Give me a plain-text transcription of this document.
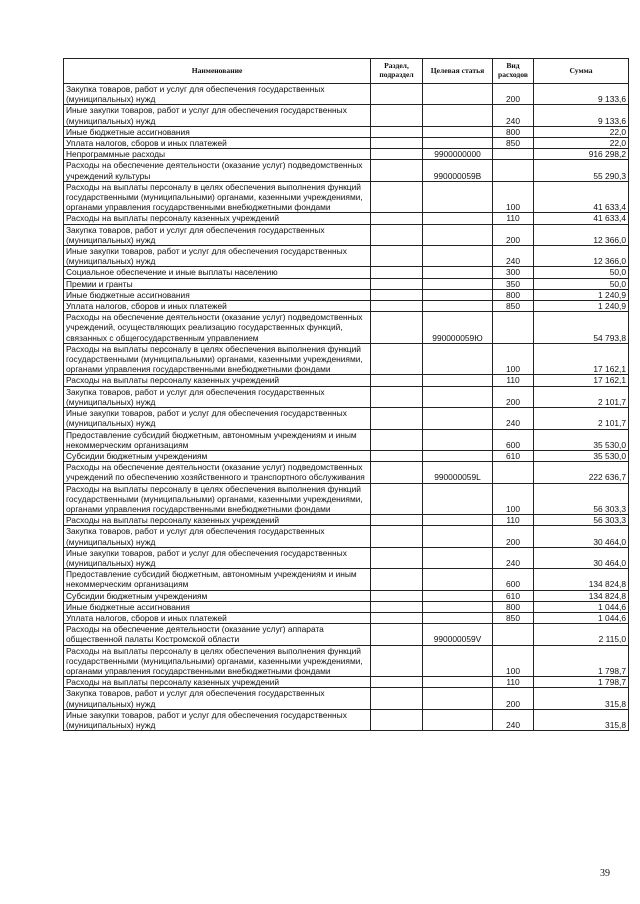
Наименование	Раздел, подраздел	Целевая статья	Вид расходов	Сумма
Закупка товаров, работ и услуг для обеспечения государственных (муниципальных) нужд			200	9 133,6
Иные закупки товаров, работ и услуг для обеспечения государственных (муниципальных) нужд			240	9 133,6
Иные бюджетные ассигнования			800	22,0
Уплата налогов, сборов и иных платежей			850	22,0
Непрограммные расходы		9900000000		916 298,2
Расходы на обеспечение деятельности (оказание услуг) подведомственных учреждений культуры		990000059B		55 290,3
Расходы на выплаты персоналу в целях обеспечения выполнения функций государственными (муниципальными) органами, казенными учреждениями, органами управления государственными внебюджетными фондами			100	41 633,4
Расходы на выплаты персоналу казенных учреждений			110	41 633,4
Закупка товаров, работ и услуг для обеспечения государственных (муниципальных) нужд			200	12 366,0
Иные закупки товаров, работ и услуг для обеспечения государственных (муниципальных) нужд			240	12 366,0
Социальное обеспечение и иные выплаты населению			300	50,0
Премии и гранты			350	50,0
Иные бюджетные ассигнования			800	1 240,9
Уплата налогов, сборов и иных платежей			850	1 240,9
Расходы на обеспечение деятельности (оказание услуг) подведомственных учреждений, осуществляющих реализацию государственных функций, связанных с общегосударственным управлением		990000059Ю		54 793,8
Расходы на выплаты персоналу в целях обеспечения выполнения функций государственными (муниципальными) органами, казенными учреждениями, органами управления государственными внебюджетными фондами			100	17 162,1
Расходы на выплаты персоналу казенных учреждений			110	17 162,1
Закупка товаров, работ и услуг для обеспечения государственных (муниципальных) нужд			200	2 101,7
Иные закупки товаров, работ и услуг для обеспечения государственных (муниципальных) нужд			240	2 101,7
Предоставление субсидий бюджетным, автономным учреждениям и иным некоммерческим организациям			600	35 530,0
Субсидии бюджетным учреждениям			610	35 530,0
Расходы на обеспечение деятельности (оказание услуг) подведомственных учреждений по обеспечению хозяйственного и транспортного обслуживания		990000059L		222 636,7
Расходы на выплаты персоналу в целях обеспечения выполнения функций государственными (муниципальными) органами, казенными учреждениями, органами управления государственными внебюджетными фондами			100	56 303,3
Расходы на выплаты персоналу казенных учреждений			110	56 303,3
Закупка товаров, работ и услуг для обеспечения государственных (муниципальных) нужд			200	30 464,0
Иные закупки товаров, работ и услуг для обеспечения государственных (муниципальных) нужд			240	30 464,0
Предоставление субсидий бюджетным, автономным учреждениям и иным некоммерческим организациям			600	134 824,8
Субсидии бюджетным учреждениям			610	134 824,8
Иные бюджетные ассигнования			800	1 044,6
Уплата налогов, сборов и иных платежей			850	1 044,6
Расходы на обеспечение деятельности (оказание услуг) аппарата общественной палаты Костромской области		990000059V		2 115,0
Расходы на выплаты персоналу в целях обеспечения выполнения функций государственными (муниципальными) органами, казенными учреждениями, органами управления государственными внебюджетными фондами			100	1 798,7
Расходы на выплаты персоналу казенных учреждений			110	1 798,7
Закупка товаров, работ и услуг для обеспечения государственных (муниципальных) нужд			200	315,8
Иные закупки товаров, работ и услуг для обеспечения государственных (муниципальных) нужд			240	315,8
39
